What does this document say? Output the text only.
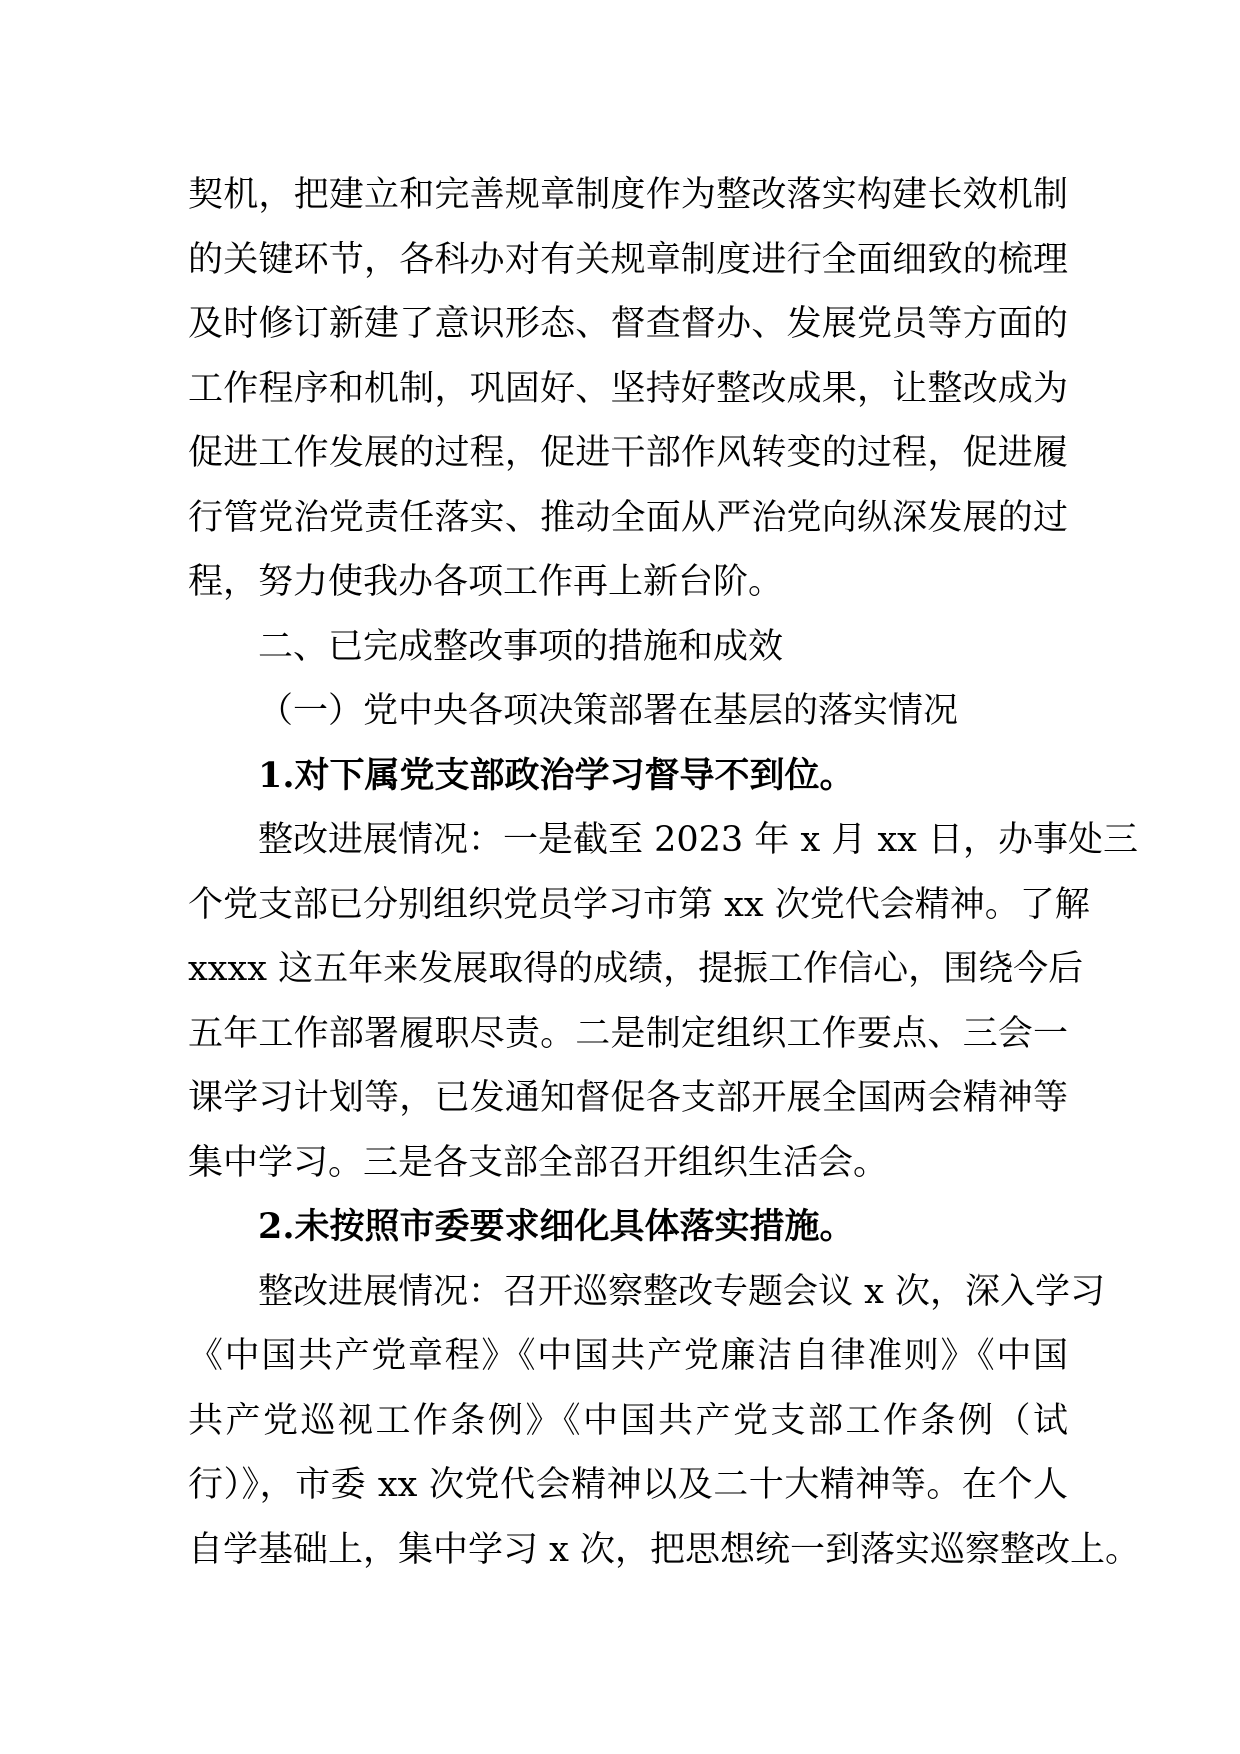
契机，把建立和完善规章制度作为整改落实构建长效机制
的关键环节，各科办对有关规章制度进行全面细致的梳理
及时修订新建了意识形态、督查督办、发展党员等方面的
工作程序和机制，巩固好、坚持好整改成果，让整改成为
促进工作发展的过程，促进干部作风转变的过程，促进履
行管党治党责任落实、推动全面从严治党向纵深发展的过
程，努力使我办各项工作再上新台阶。
二、已完成整改事项的措施和成效
（一）党中央各项决策部署在基层的落实情况
1.对下属党支部政治学习督导不到位。
整改进展情况：一是截至 2023 年 x 月 xx 日，办事处三
个党支部已分别组织党员学习市第 xx 次党代会精神。了解
xxxx 这五年来发展取得的成绩，提振工作信心，围绕今后
五年工作部署履职尽责。二是制定组织工作要点、三会一
课学习计划等，已发通知督促各支部开展全国两会精神等
集中学习。三是各支部全部召开组织生活会。
2.未按照市委要求细化具体落实措施。
整改进展情况：召开巡察整改专题会议 x 次，深入学习
《中国共产党章程》《中国共产党廉洁自律准则》《中国
共产党巡视工作条例》《中国共产党支部工作条例（试
行）》，市委 xx 次党代会精神以及二十大精神等。在个人
自学基础上，集中学习 x 次，把思想统一到落实巡察整改上。
